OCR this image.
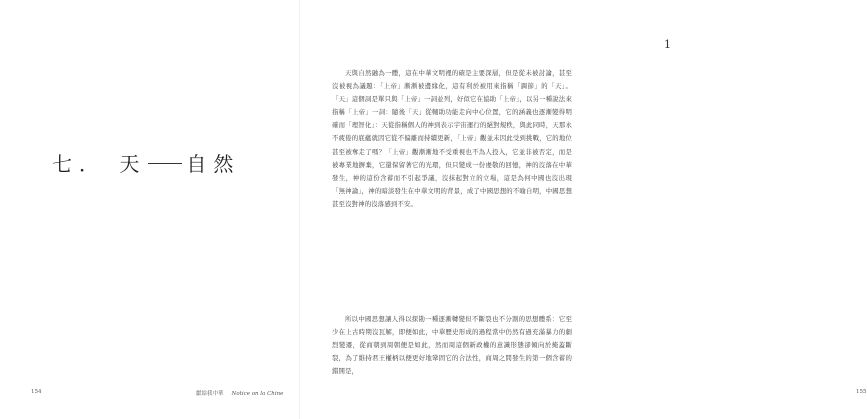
七． 天 自然
154	獻給我中華 Notice on la Chine
1
155

天與自然融為一體，這在中華文明裡的確是主要深層，但是從未被討論，甚至沒被視為議題：「上帝」漸漸被邊緣化，這有利於被用來指稱「調節」的「天」。「天」這個詞是單只與「上帝」一詞並列，好似它在協助「上帝」，以另一種說法來指稱「上帝」一詞：隨後「天」從輔助功能走向中心位置，它的涵義也逐漸變得明確而「理智化」：天從指稱個人的神到表示宇宙運行的絕對規秩，與此同時，天那永不疲倦的底蘊就因它從不偏離而持續更新，「上帝」觀並未因此受到挑戰，它的地位甚至被奪走了嗎？「上帝」觀漸漸地不受重視也不為人投入，它並非被否定，而是被專業地摒棄，它還保留著它的光環，但只變成一份虔敬的回憶，神的沒落在中華發生，神的這份含蓄而不引起爭議，沒抹起對立的立場，這是為何中國也沒出現「無神論」，神的暗淡發生在中華文明的背景，成了中國思想的不喻自明，中國思想甚至沒對神的沒落感到不安。

所以中國思想讓人得以探勘一種逐漸轉變但不斷裂也不分割的思想體系：它至少在上古時期沒瓦解，即便如此，中華歷史形成的過程當中仍然有過充滿暴力的劇烈變遷，從商朝到周朝便是如此，然而周這個新政權的意識形態卻傾向於掩蓋斷裂，為了維持君王權柄以便更好地鞏固它的合法性，商周之間發生的第一個含蓄的錯開是，
